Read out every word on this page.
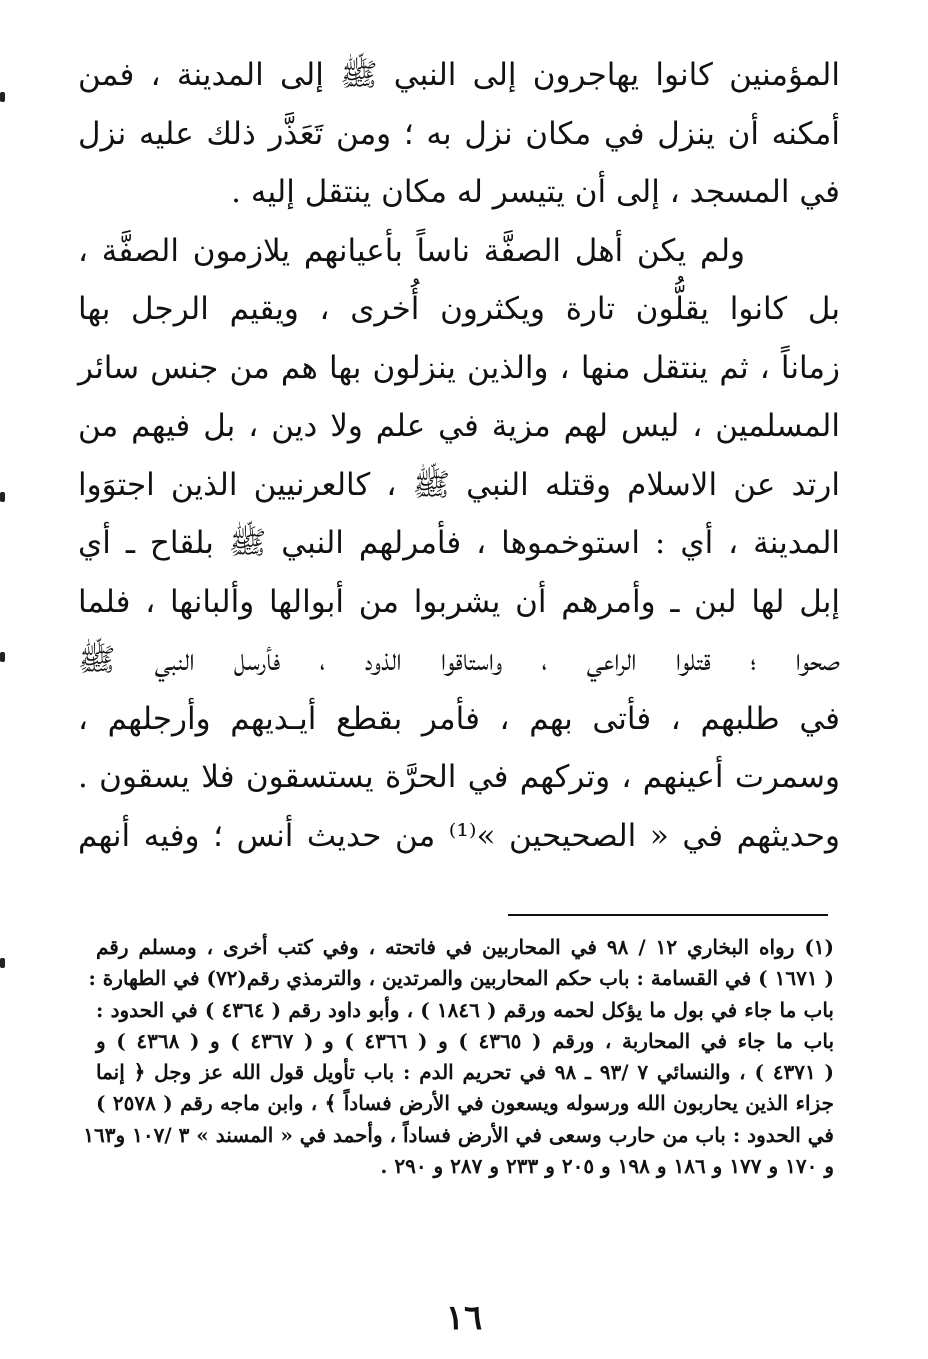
المؤمنين كانوا يهاجرون إلى النبي ﷺ إلى المدينة ، فمن
أمكنه أن ينزل في مكان نزل به ؛ ومن تَعَذَّر ذلك عليه نزل
في المسجد ، إلى أن يتيسر له مكان ينتقل إليه .
ولم يكن أهل الصفَّة ناساً بأعيانهم يلازمون الصفَّة ،
بل كانوا يقلُّون تارة ويكثرون أُخرى ، ويقيم الرجل بها
زماناً ، ثم ينتقل منها ، والذين ينزلون بها هم من جنس سائر
المسلمين ، ليس لهم مزية في علم ولا دين ، بل فيهم من
ارتد عن الاسلام وقتله النبي ﷺ ، كالعرنيين الذين اجتوَوا
المدينة ، أي : استوخموها ، فأمرلهم النبي ﷺ بلقاح ـ أي
إبل لها لبن ـ وأمرهم أن يشربوا من أبوالها وألبانها ، فلما
صحوا ؛ قتلوا الراعي ، واستاقوا الذود ، فأرسل النبي ﷺ
في طلبهم ، فأتى بهم ، فأمر بقطع أيـديهم وأرجلهم ،
وسمرت أعينهم ، وتركهم في الحرَّة يستسقون فلا يسقون .
وحديثهم في « الصحيحين »⁽¹⁾ من حديث أنس ؛ وفيه أنهم
(١) رواه البخاري ١٢ / ٩٨ في المحاربين في فاتحته ، وفي كتب أخرى ، ومسلم رقم
( ١٦٧١ ) في القسامة : باب حكم المحاربين والمرتدين ، والترمذي رقم(٧٢) في الطهارة :
باب ما جاء في بول ما يؤكل لحمه ورقم ( ١٨٤٦ ) ، وأبو داود رقم ( ٤٣٦٤ ) في الحدود :
باب ما جاء في المحاربة ، ورقم ( ٤٣٦٥ ) و ( ٤٣٦٦ ) و ( ٤٣٦٧ ) و ( ٤٣٦٨ ) و
( ٤٣٧١ ) ، والنسائي ٧ /٩٣ ـ ٩٨ في تحريم الدم : باب تأويل قول الله عز وجل ﴿ إنما
جزاء الذين يحاربون الله ورسوله ويسعون في الأرض فساداً ﴾ ، وابن ماجه رقم ( ٢٥٧٨ )
في الحدود : باب من حارب وسعى في الأرض فساداً ، وأحمد في « المسند » ٣ /١٠٧ و١٦٣
و ١٧٠ و ١٧٧ و ١٨٦ و ١٩٨ و ٢٠٥ و ٢٣٣ و ٢٨٧ و ٢٩٠ .
١٦
